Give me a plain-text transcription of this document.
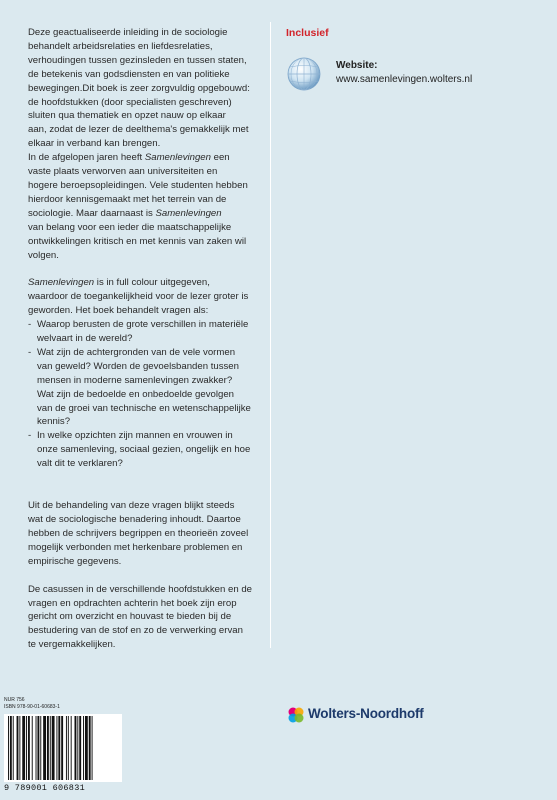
Deze geactualiseerde inleiding in de sociologie

behandelt arbeidsrelaties en liefdesrelaties,

verhoudingen tussen gezinsleden en tussen staten,

de betekenis van godsdiensten en van politieke

bewegingen.Dit boek is zeer zorgvuldig opgebouwd:

de hoofdstukken (door specialisten geschreven)

sluiten qua thematiek en opzet nauw op elkaar

aan, zodat de lezer de deelthema's gemakkelijk met

elkaar in verband kan brengen.

In de afgelopen jaren heeft Samenlevingen een

vaste plaats verworven aan universiteiten en

hogere beroepsopleidingen. Vele studenten hebben

hierdoor kennisgemaakt met het terrein van de

sociologie. Maar daarnaast is Samenlevingen

van belang voor een ieder die maatschappelijke

ontwikkelingen kritisch en met kennis van zaken wil

volgen.

Samenlevingen is in full colour uitgegeven,

waardoor de toegankelijkheid voor de lezer groter is

geworden. Het boek behandelt vragen als:

- Waarop berusten de grote verschillen in materiële

welvaart in de wereld?

- Wat zijn de achtergronden van de vele vormen

van geweld? Worden de gevoelsbanden tussen

mensen in moderne samenlevingen zwakker?

Wat zijn de bedoelde en onbedoelde gevolgen

van de groei van technische en wetenschappelijke

kennis?

- In welke opzichten zijn mannen en vrouwen in

onze samenleving, sociaal gezien, ongelijk en hoe

valt dit te verklaren?

Uit de behandeling van deze vragen blijkt steeds

wat de sociologische benadering inhoudt. Daartoe

hebben de schrijvers begrippen en theorieën zoveel

mogelijk verbonden met herkenbare problemen en

empirische gegevens.

De casussen in de verschillende hoofdstukken en de

vragen en opdrachten achterin het boek zijn erop

gericht om overzicht en houvast te bieden bij de

bestudering van de stof en zo de verwerking ervan

te vergemakkelijken.

Inclusief
Website:
www.samenlevingen.wolters.nl
NUR 756
ISBN 978-90-01-60683-1
9 789001 606831
Wolters-Noordhoff
